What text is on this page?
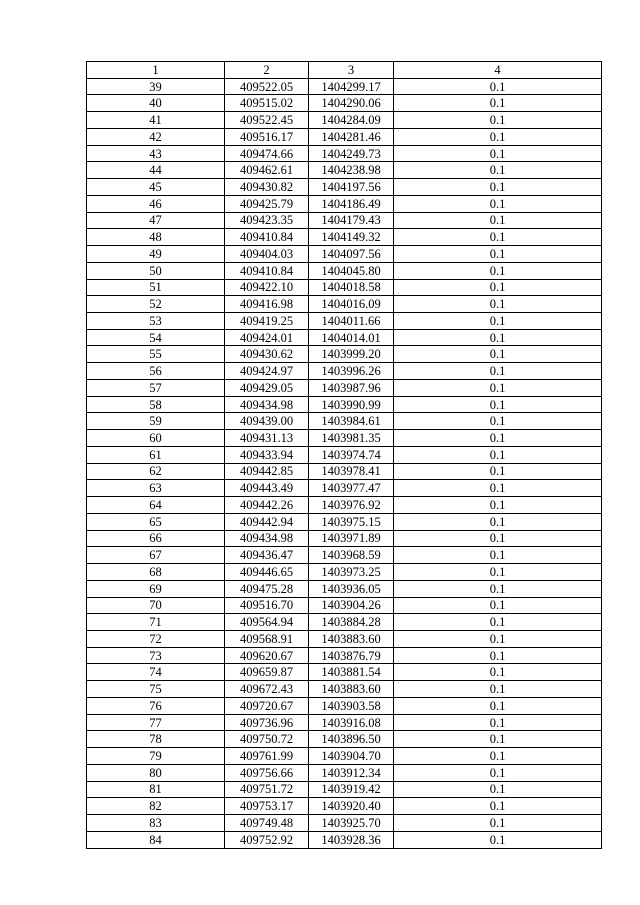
1	2	3	4
39	409522.05	1404299.17	0.1
40	409515.02	1404290.06	0.1
41	409522.45	1404284.09	0.1
42	409516.17	1404281.46	0.1
43	409474.66	1404249.73	0.1
44	409462.61	1404238.98	0.1
45	409430.82	1404197.56	0.1
46	409425.79	1404186.49	0.1
47	409423.35	1404179.43	0.1
48	409410.84	1404149.32	0.1
49	409404.03	1404097.56	0.1
50	409410.84	1404045.80	0.1
51	409422.10	1404018.58	0.1
52	409416.98	1404016.09	0.1
53	409419.25	1404011.66	0.1
54	409424.01	1404014.01	0.1
55	409430.62	1403999.20	0.1
56	409424.97	1403996.26	0.1
57	409429.05	1403987.96	0.1
58	409434.98	1403990.99	0.1
59	409439.00	1403984.61	0.1
60	409431.13	1403981.35	0.1
61	409433.94	1403974.74	0.1
62	409442.85	1403978.41	0.1
63	409443.49	1403977.47	0.1
64	409442.26	1403976.92	0.1
65	409442.94	1403975.15	0.1
66	409434.98	1403971.89	0.1
67	409436.47	1403968.59	0.1
68	409446.65	1403973.25	0.1
69	409475.28	1403936.05	0.1
70	409516.70	1403904.26	0.1
71	409564.94	1403884.28	0.1
72	409568.91	1403883.60	0.1
73	409620.67	1403876.79	0.1
74	409659.87	1403881.54	0.1
75	409672.43	1403883.60	0.1
76	409720.67	1403903.58	0.1
77	409736.96	1403916.08	0.1
78	409750.72	1403896.50	0.1
79	409761.99	1403904.70	0.1
80	409756.66	1403912.34	0.1
81	409751.72	1403919.42	0.1
82	409753.17	1403920.40	0.1
83	409749.48	1403925.70	0.1
84	409752.92	1403928.36	0.1
